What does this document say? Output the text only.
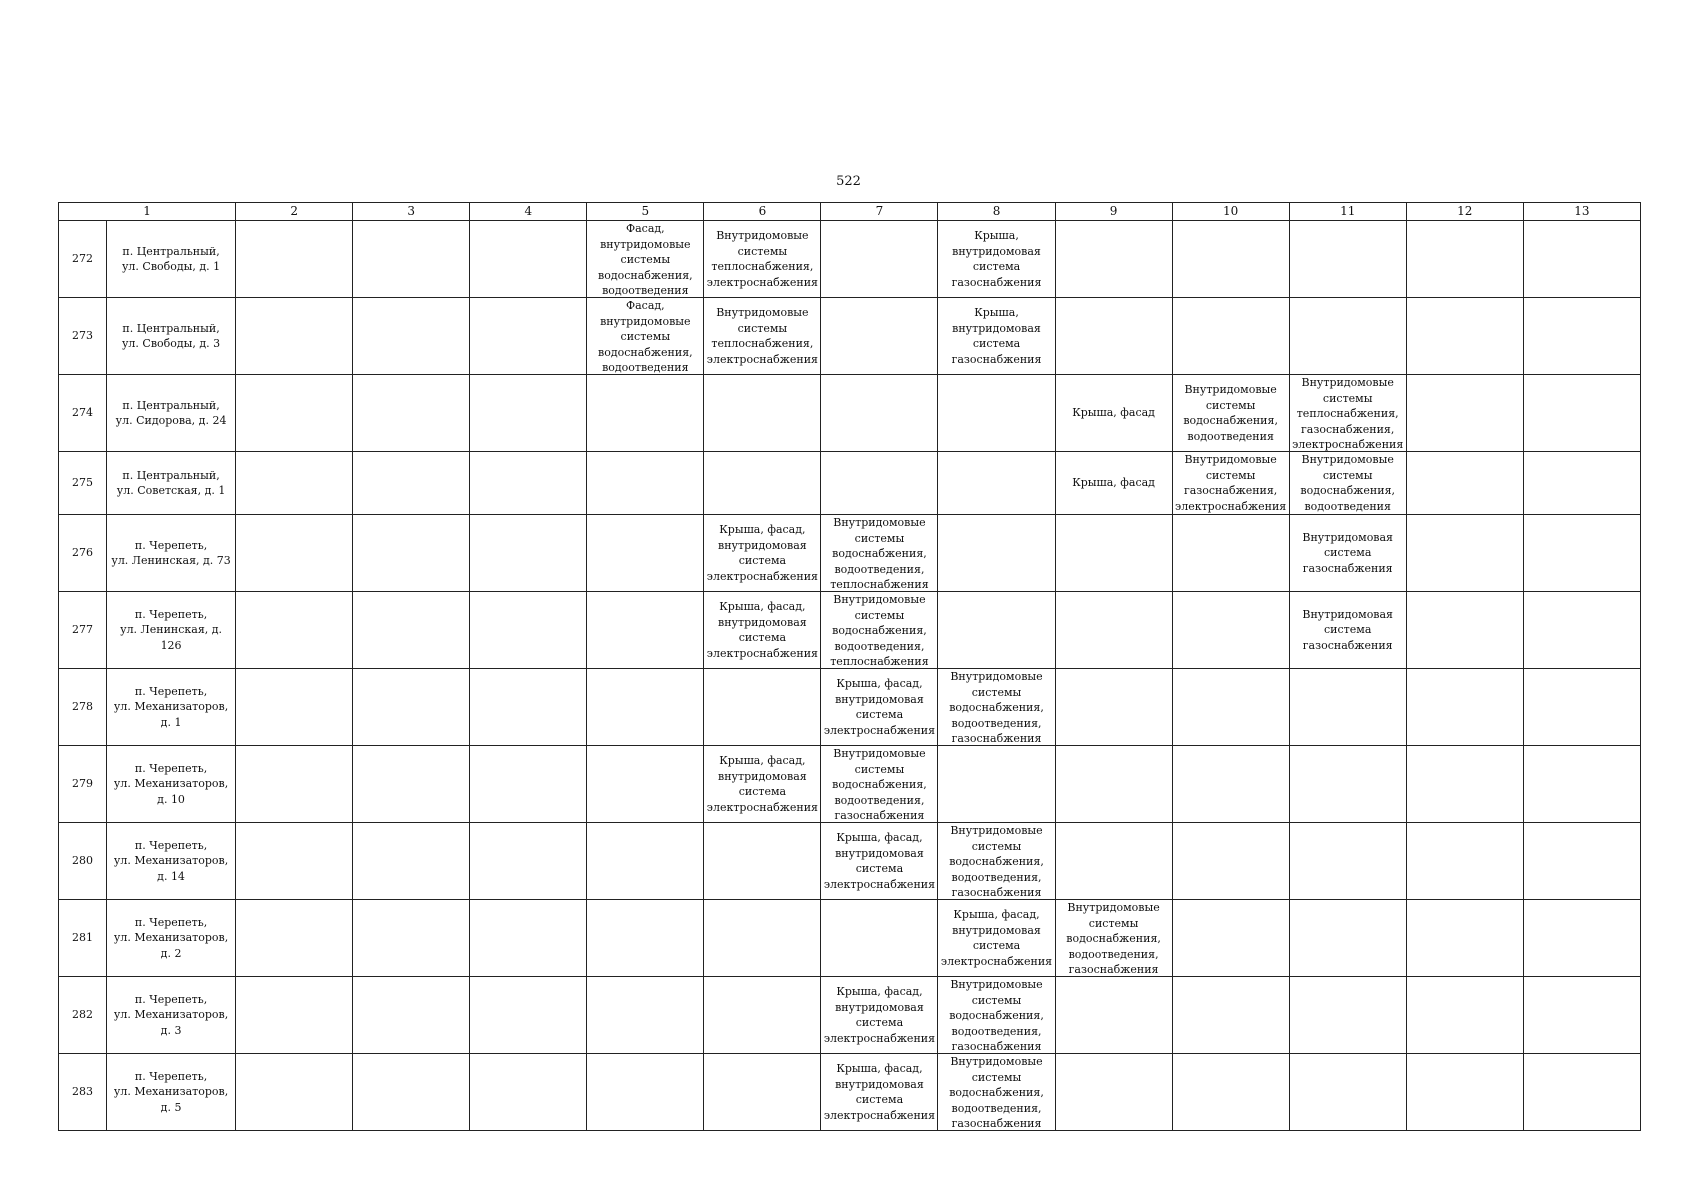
522
1		2	3	4	5	6	7	8	9	10	11	12	13
272	п. Центральный,
ул. Свободы, д. 1				Фасад,
внутридомовые
системы
водоснабжения,
водоотведения	Внутридомовые
системы
теплоснабжения,
электроснабжения		Крыша,
внутридомовая
система
газоснабжения					

273	п. Центральный,
ул. Свободы, д. 3				Фасад,
внутридомовые
системы
водоснабжения,
водоотведения	Внутридомовые
системы
теплоснабжения,
электроснабжения		Крыша,
внутридомовая
система
газоснабжения					

274	п. Центральный,
ул. Сидорова, д. 24								Крыша, фасад	Внутридомовые
системы
водоснабжения,
водоотведения	Внутридомовые
системы
теплоснабжения,
газоснабжения,
электроснабжения		

275	п. Центральный,
ул. Советская, д. 1								Крыша, фасад	Внутридомовые
системы
газоснабжения,
электроснабжения	Внутридомовые
системы
водоснабжения,
водоотведения		

276	п. Черепеть,
ул. Ленинская, д. 73					Крыша, фасад,
внутридомовая
система
электроснабжения	Внутридомовые
системы
водоснабжения,
водоотведения,
теплоснабжения				Внутридомовая
система
газоснабжения		

277	п. Черепеть,
ул. Ленинская, д. 126					Крыша, фасад,
внутридомовая
система
электроснабжения	Внутридомовые
системы
водоснабжения,
водоотведения,
теплоснабжения				Внутридомовая
система
газоснабжения		

278	п. Черепеть,
ул. Механизаторов,
д. 1						Крыша, фасад,
внутридомовая
система
электроснабжения	Внутридомовые
системы
водоснабжения,
водоотведения,
газоснабжения					

279	п. Черепеть,
ул. Механизаторов,
д. 10					Крыша, фасад,
внутридомовая
система
электроснабжения	Внутридомовые
системы
водоснабжения,
водоотведения,
газоснабжения						

280	п. Черепеть,
ул. Механизаторов,
д. 14						Крыша, фасад,
внутридомовая
система
электроснабжения	Внутридомовые
системы
водоснабжения,
водоотведения,
газоснабжения					

281	п. Черепеть,
ул. Механизаторов,
д. 2							Крыша, фасад,
внутридомовая
система
электроснабжения	Внутридомовые
системы
водоснабжения,
водоотведения,
газоснабжения				

282	п. Черепеть,
ул. Механизаторов,
д. 3						Крыша, фасад,
внутридомовая
система
электроснабжения	Внутридомовые
системы
водоснабжения,
водоотведения,
газоснабжения					

283	п. Черепеть,
ул. Механизаторов,
д. 5						Крыша, фасад,
внутридомовая
система
электроснабжения	Внутридомовые
системы
водоснабжения,
водоотведения,
газоснабжения					
